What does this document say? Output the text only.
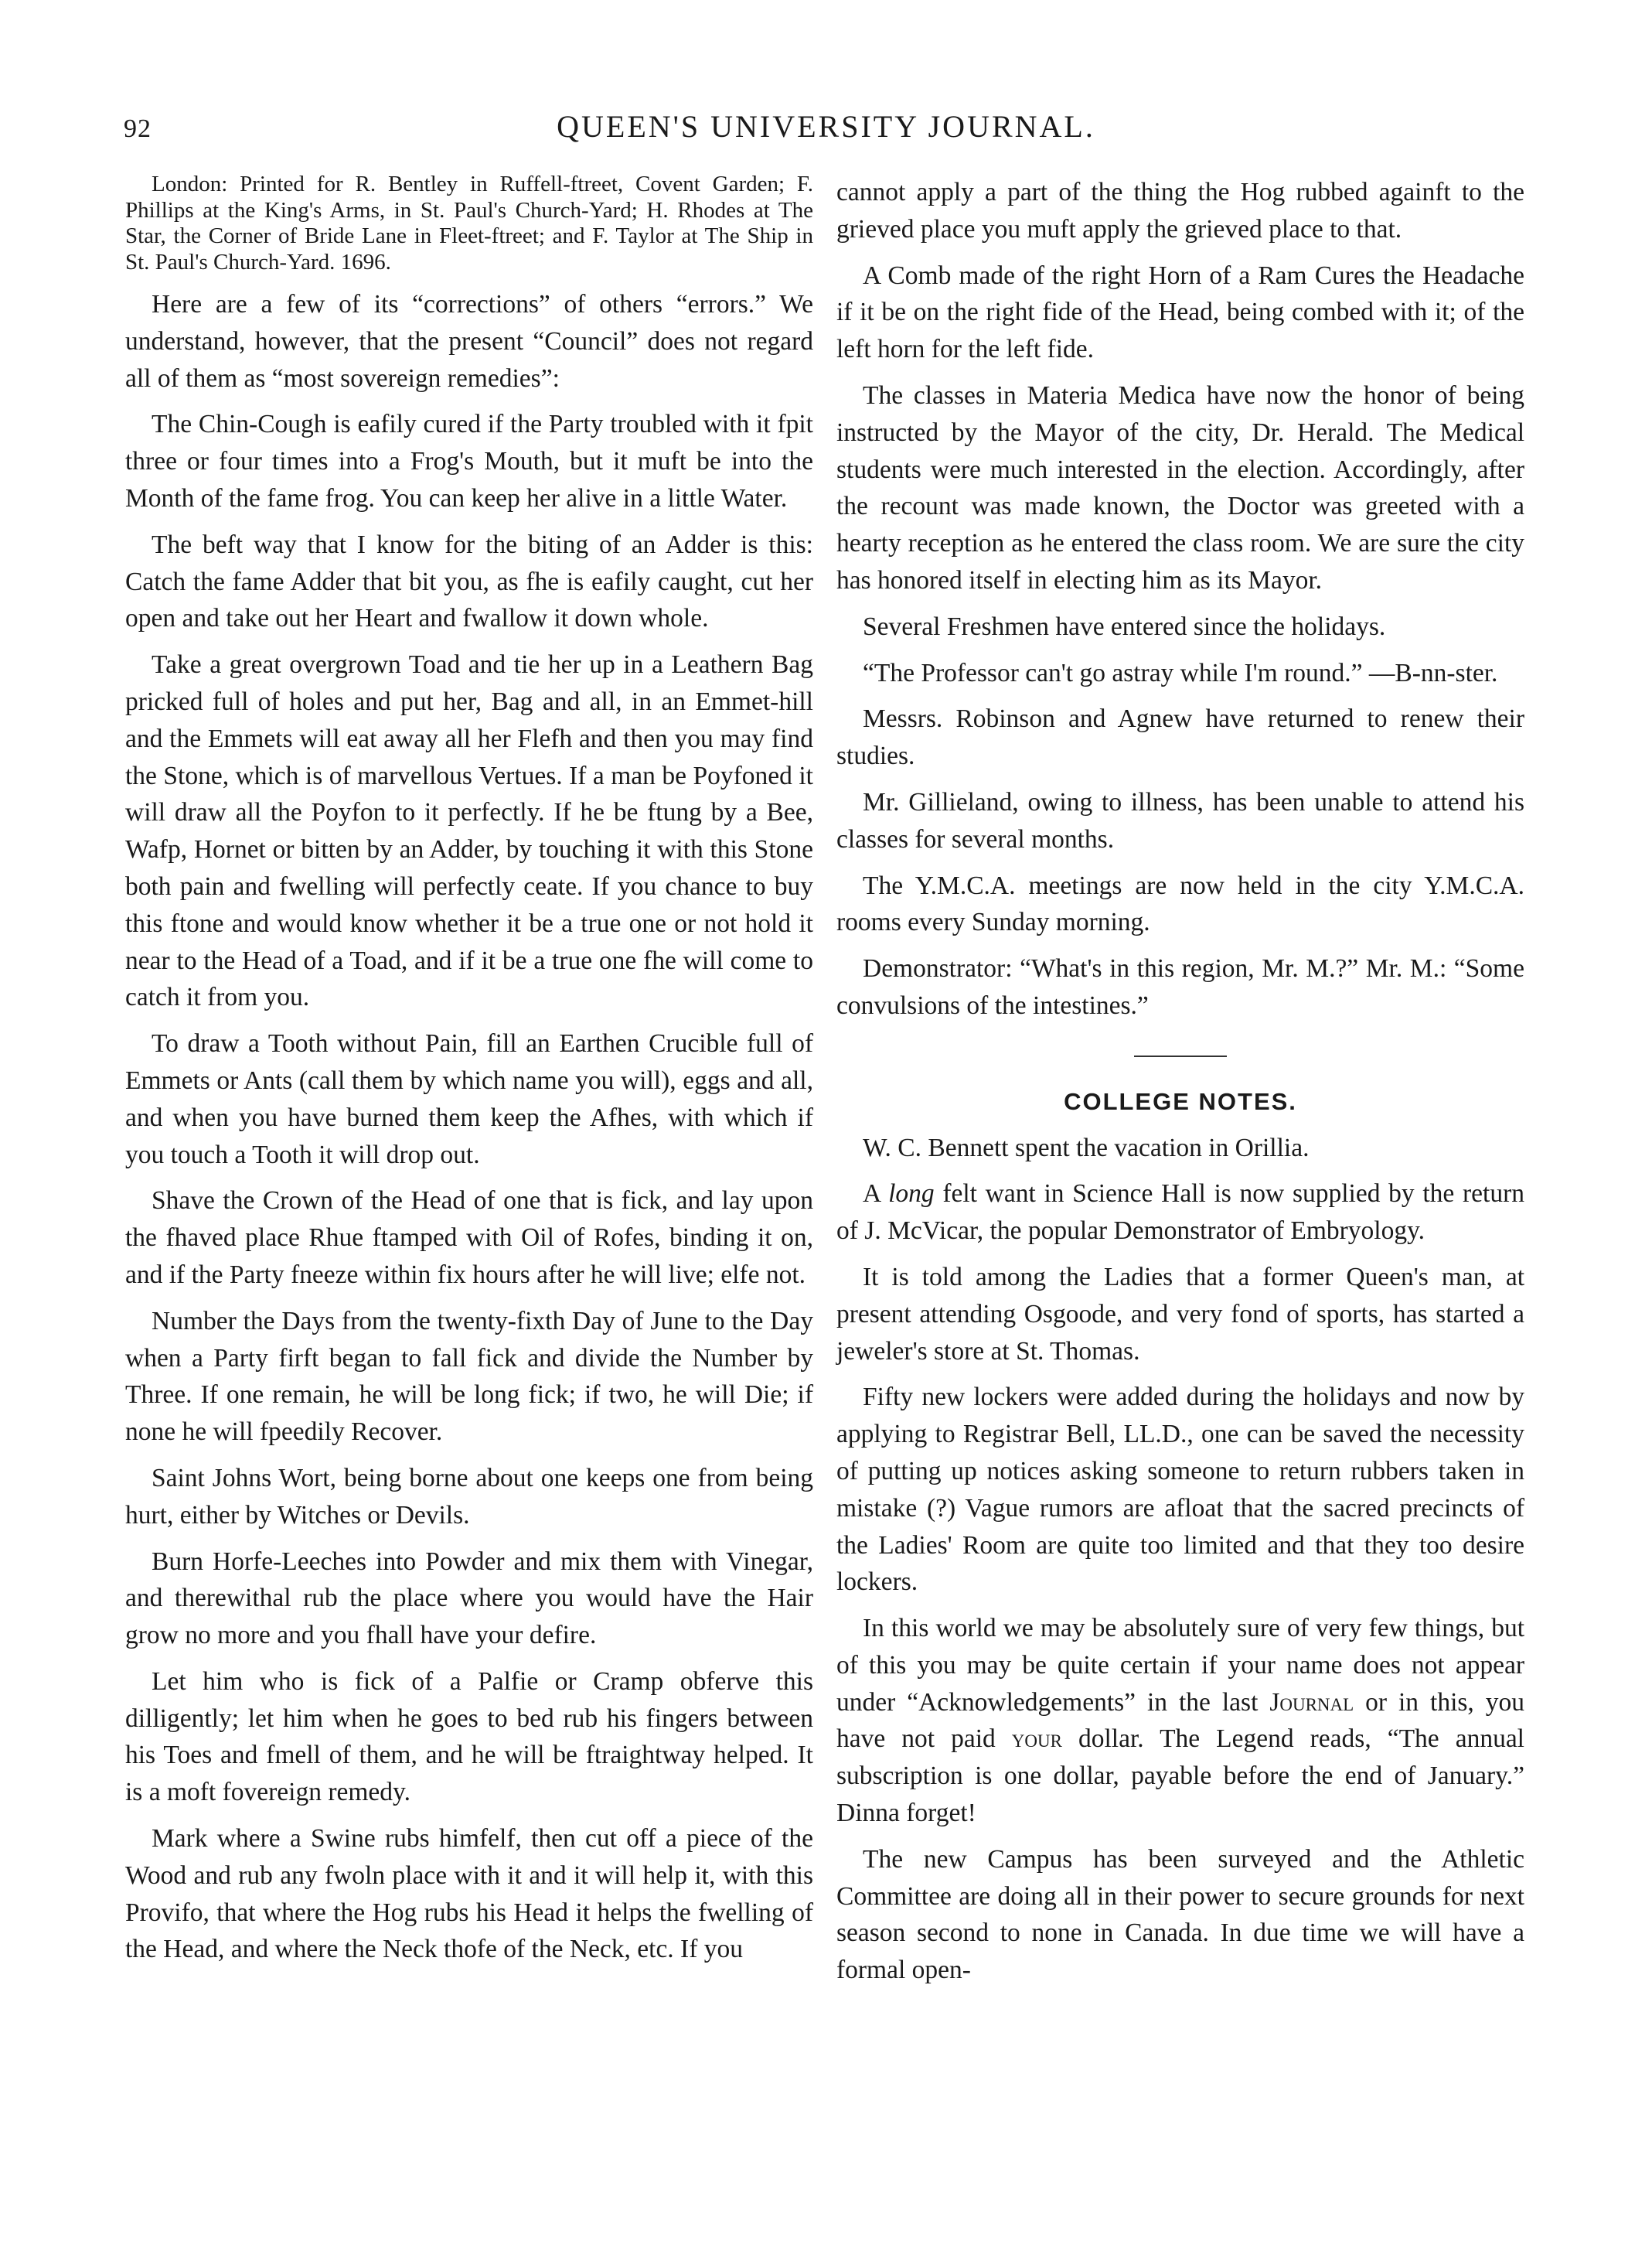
92	QUEEN'S UNIVERSITY JOURNAL.

London: Printed for R. Bentley in Ruffell-ftreet, Covent Garden; F. Phillips at the King's Arms, in St. Paul's Church-Yard; H. Rhodes at The Star, the Corner of Bride Lane in Fleet-ftreet; and F. Taylor at The Ship in St. Paul's Church-Yard. 1696.

Here are a few of its “corrections” of others “errors.” We understand, however, that the present “Council” does not regard all of them as “most sovereign remedies”:

The Chin-Cough is eafily cured if the Party troubled with it fpit three or four times into a Frog's Mouth, but it muft be into the Month of the fame frog. You can keep her alive in a little Water.

The beft way that I know for the biting of an Adder is this: Catch the fame Adder that bit you, as fhe is eafily caught, cut her open and take out her Heart and fwallow it down whole.

Take a great overgrown Toad and tie her up in a Leathern Bag pricked full of holes and put her, Bag and all, in an Emmet-hill and the Emmets will eat away all her Flefh and then you may find the Stone, which is of marvellous Vertues. If a man be Poyfoned it will draw all the Poyfon to it perfectly. If he be ftung by a Bee, Wafp, Hornet or bitten by an Adder, by touching it with this Stone both pain and fwelling will perfectly ceate. If you chance to buy this ftone and would know whether it be a true one or not hold it near to the Head of a Toad, and if it be a true one fhe will come to catch it from you.

To draw a Tooth without Pain, fill an Earthen Crucible full of Emmets or Ants (call them by which name you will), eggs and all, and when you have burned them keep the Afhes, with which if you touch a Tooth it will drop out.

Shave the Crown of the Head of one that is fick, and lay upon the fhaved place Rhue ftamped with Oil of Rofes, binding it on, and if the Party fneeze within fix hours after he will live; elfe not.

Number the Days from the twenty-fixth Day of June to the Day when a Party firft began to fall fick and divide the Number by Three. If one remain, he will be long fick; if two, he will Die; if none he will fpeedily Recover.

Saint Johns Wort, being borne about one keeps one from being hurt, either by Witches or Devils.

Burn Horfe-Leeches into Powder and mix them with Vinegar, and therewithal rub the place where you would have the Hair grow no more and you fhall have your defire.

Let him who is fick of a Palfie or Cramp obferve this dilligently; let him when he goes to bed rub his fingers between his Toes and fmell of them, and he will be ftraightway helped. It is a moft fovereign remedy.

Mark where a Swine rubs himfelf, then cut off a piece of the Wood and rub any fwoln place with it and it will help it, with this Provifo, that where the Hog rubs his Head it helps the fwelling of the Head, and where the Neck thofe of the Neck, etc. If you

cannot apply a part of the thing the Hog rubbed againft to the grieved place you muft apply the grieved place to that.

A Comb made of the right Horn of a Ram Cures the Headache if it be on the right fide of the Head, being combed with it; of the left horn for the left fide.

The classes in Materia Medica have now the honor of being instructed by the Mayor of the city, Dr. Herald. The Medical students were much interested in the election. Accordingly, after the recount was made known, the Doctor was greeted with a hearty reception as he entered the class room. We are sure the city has honored itself in electing him as its Mayor.

Several Freshmen have entered since the holidays.

“The Professor can't go astray while I'm round.” —B-nn-ster.

Messrs. Robinson and Agnew have returned to renew their studies.

Mr. Gillieland, owing to illness, has been unable to attend his classes for several months.

The Y.M.C.A. meetings are now held in the city Y.M.C.A. rooms every Sunday morning.

Demonstrator: “What's in this region, Mr. M.?” Mr. M.: “Some convulsions of the intestines.”

COLLEGE NOTES.

W. C. Bennett spent the vacation in Orillia.

A long felt want in Science Hall is now supplied by the return of J. McVicar, the popular Demonstrator of Embryology.

It is told among the Ladies that a former Queen's man, at present attending Osgoode, and very fond of sports, has started a jeweler's store at St. Thomas.

Fifty new lockers were added during the holidays and now by applying to Registrar Bell, LL.D., one can be saved the necessity of putting up notices asking someone to return rubbers taken in mistake (?) Vague rumors are afloat that the sacred precincts of the Ladies' Room are quite too limited and that they too desire lockers.

In this world we may be absolutely sure of very few things, but of this you may be quite certain if your name does not appear under “Acknowledgements” in the last Journal or in this, you have not paid your dollar. The Legend reads, “The annual subscription is one dollar, payable before the end of January.” Dinna forget!

The new Campus has been surveyed and the Athletic Committee are doing all in their power to secure grounds for next season second to none in Canada. In due time we will have a formal open-
